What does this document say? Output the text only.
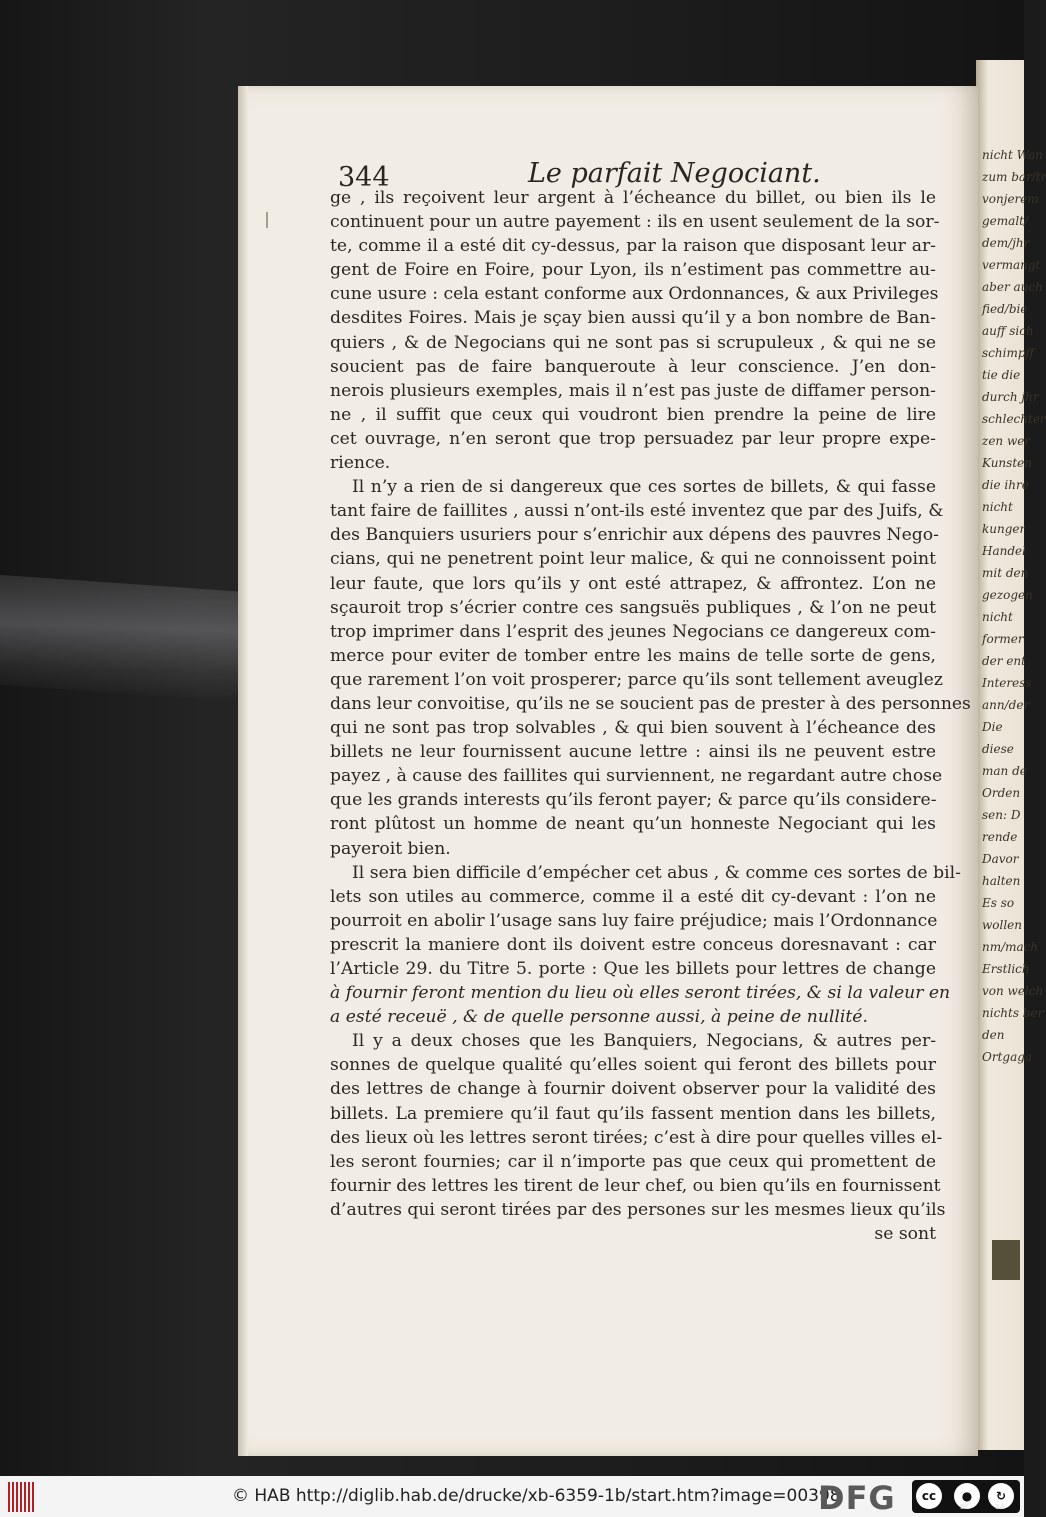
nicht Wan
zum bar/tr
vonjerem
gemalt/
dem/jhr
vermangt
aber auch
fied/bie
auff sich
schimpff
tie die
durch jhr
schlechter
zen wer
Kunsten
die ihre
nicht
kunger
Handel
mit den
gezogen
nicht
former
der ent
Interess
ann/der
Die
diese
man de
Orden
sen: D
rende
Davor
halten
Es so
wollen
nm/mach
Erstlich
von welch
nichts ber
den
Ortgaga
344	Le parfait Negociant.
ge , ils reçoivent leur argent à l’écheance du billet, ou bien ils le
continuent pour un autre payement : ils en usent seulement de la sor-
te, comme il a esté dit cy-dessus, par la raison que disposant leur ar-
gent de Foire en Foire, pour Lyon, ils n’estiment pas commettre au-
cune usure : cela estant conforme aux Ordonnances, & aux Privileges
desdites Foires. Mais je sçay bien aussi qu’il y a bon nombre de Ban-
quiers , & de Negocians qui ne sont pas si scrupuleux , & qui ne se
soucient pas de faire banqueroute à leur conscience. J’en don-
nerois plusieurs exemples, mais il n’est pas juste de diffamer person-
ne , il suffit que ceux qui voudront bien prendre la peine de lire
cet ouvrage, n’en seront que trop persuadez par leur propre expe-
rience.
Il n’y a rien de si dangereux que ces sortes de billets, & qui fasse
tant faire de faillites , aussi n’ont-ils esté inventez que par des Juifs, &
des Banquiers usuriers pour s’enrichir aux dépens des pauvres Nego-
cians, qui ne penetrent point leur malice, & qui ne connoissent point
leur faute, que lors qu’ils y ont esté attrapez, & affrontez. L’on ne
sçauroit trop s’écrier contre ces sangsuës publiques , & l’on ne peut
trop imprimer dans l’esprit des jeunes Negocians ce dangereux com-
merce pour eviter de tomber entre les mains de telle sorte de gens,
que rarement l’on voit prosperer; parce qu’ils sont tellement aveuglez
dans leur convoitise, qu’ils ne se soucient pas de prester à des personnes
qui ne sont pas trop solvables , & qui bien souvent à l’écheance des
billets ne leur fournissent aucune lettre : ainsi ils ne peuvent estre
payez , à cause des faillites qui surviennent, ne regardant autre chose
que les grands interests qu’ils feront payer; & parce qu’ils considere-
ront plûtost un homme de neant qu’un honneste Negociant qui les
payeroit bien.
Il sera bien difficile d’empécher cet abus , & comme ces sortes de bil-
lets son utiles au commerce, comme il a esté dit cy-devant : l’on ne
pourroit en abolir l’usage sans luy faire préjudice; mais l’Ordonnance
prescrit la maniere dont ils doivent estre conceus doresnavant : car
l’Article 29. du Titre 5. porte : Que les billets pour lettres de change
à fournir feront mention du lieu où elles seront tirées, & si la valeur en
a esté receuë , & de quelle personne aussi, à peine de nullité.
Il y a deux choses que les Banquiers, Negocians, & autres per-
sonnes de quelque qualité qu’elles soient qui feront des billets pour
des lettres de change à fournir doivent observer pour la validité des
billets. La premiere qu’il faut qu’ils fassent mention dans les billets,
des lieux où les lettres seront tirées; c’est à dire pour quelles villes el-
les seront fournies; car il n’importe pas que ceux qui promettent de
fournir des lettres les tirent de leur chef, ou bien qu’ils en fournissent
d’autres qui seront tirées par des persones sur les mesmes lieux qu’ils
se sont
© HAB http://diglib.hab.de/drucke/xb-6359-1b/start.htm?image=00398
DFG	cc	●
BY
↻
SA
